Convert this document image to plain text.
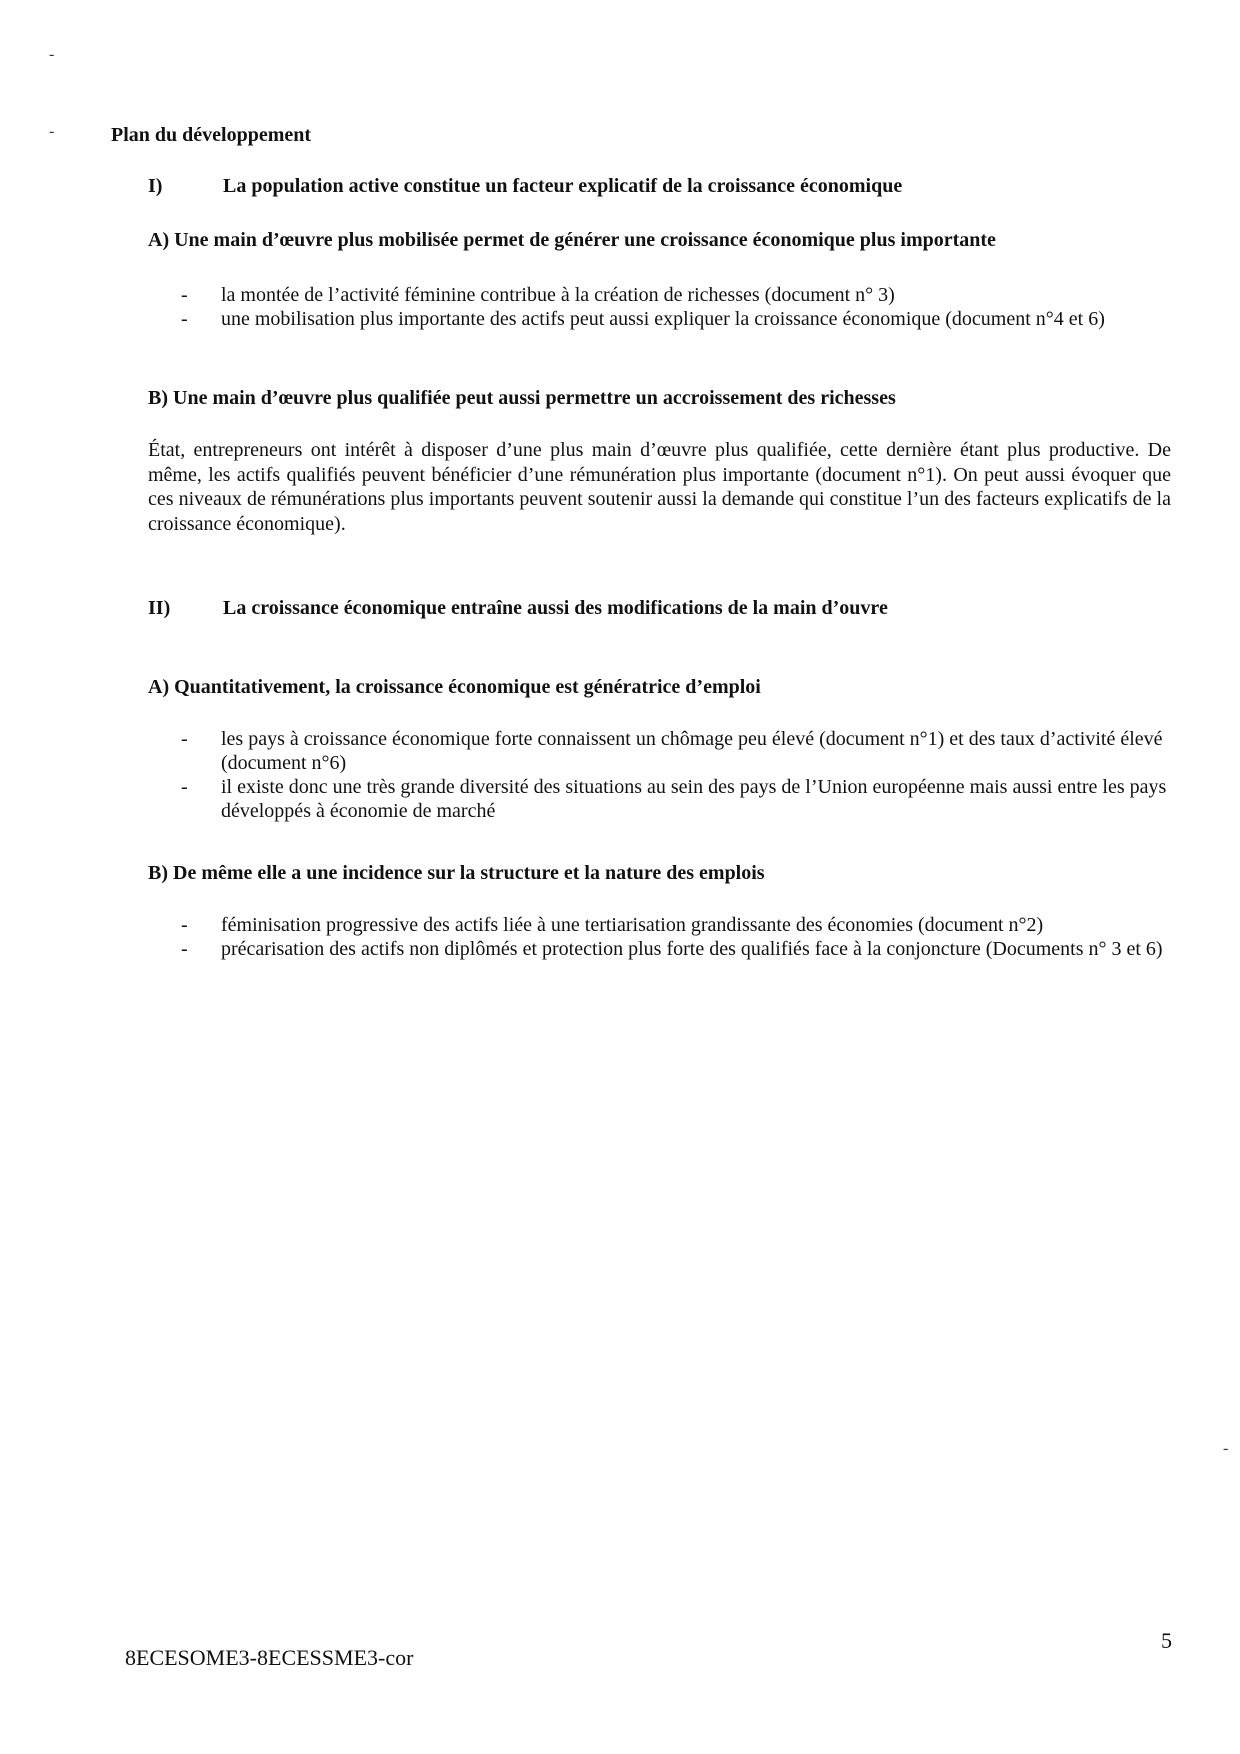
-
-
-
Plan du développement
I)	La population active constitue un facteur explicatif de la croissance économique
A) Une main d’œuvre plus mobilisée permet de générer une croissance économique plus importante
- la montée de l’activité féminine contribue à la création de richesses (document n° 3)
- une mobilisation plus importante des actifs peut aussi expliquer la croissance économique (document n°4 et 6)
B) Une main d’œuvre plus qualifiée peut aussi permettre un accroissement des richesses
État, entrepreneurs ont intérêt à disposer d’une plus main d’œuvre plus qualifiée, cette dernière étant plus productive. De même, les actifs qualifiés peuvent bénéficier d’une rémunération plus importante (document n°1). On peut aussi évoquer que ces niveaux de rémunérations plus importants peuvent soutenir aussi la demande qui constitue l’un des facteurs explicatifs de la croissance économique).
II)	La croissance économique entraîne aussi des modifications de la main d’ouvre
A) Quantitativement, la croissance économique est génératrice d’emploi
- les pays à croissance économique forte connaissent un chômage peu élevé (document n°1) et des taux d’activité élevé (document n°6)
- il existe donc une très grande diversité des situations au sein des pays de l’Union européenne mais aussi entre les pays développés à économie de marché
B) De même elle a une incidence sur la structure et la nature des emplois
- féminisation progressive des actifs liée à une tertiarisation grandissante des économies (document n°2)
- précarisation des actifs non diplômés et protection plus forte des qualifiés face à la conjoncture (Documents n° 3 et 6)
5
8ECESOME3-8ECESSME3-cor
